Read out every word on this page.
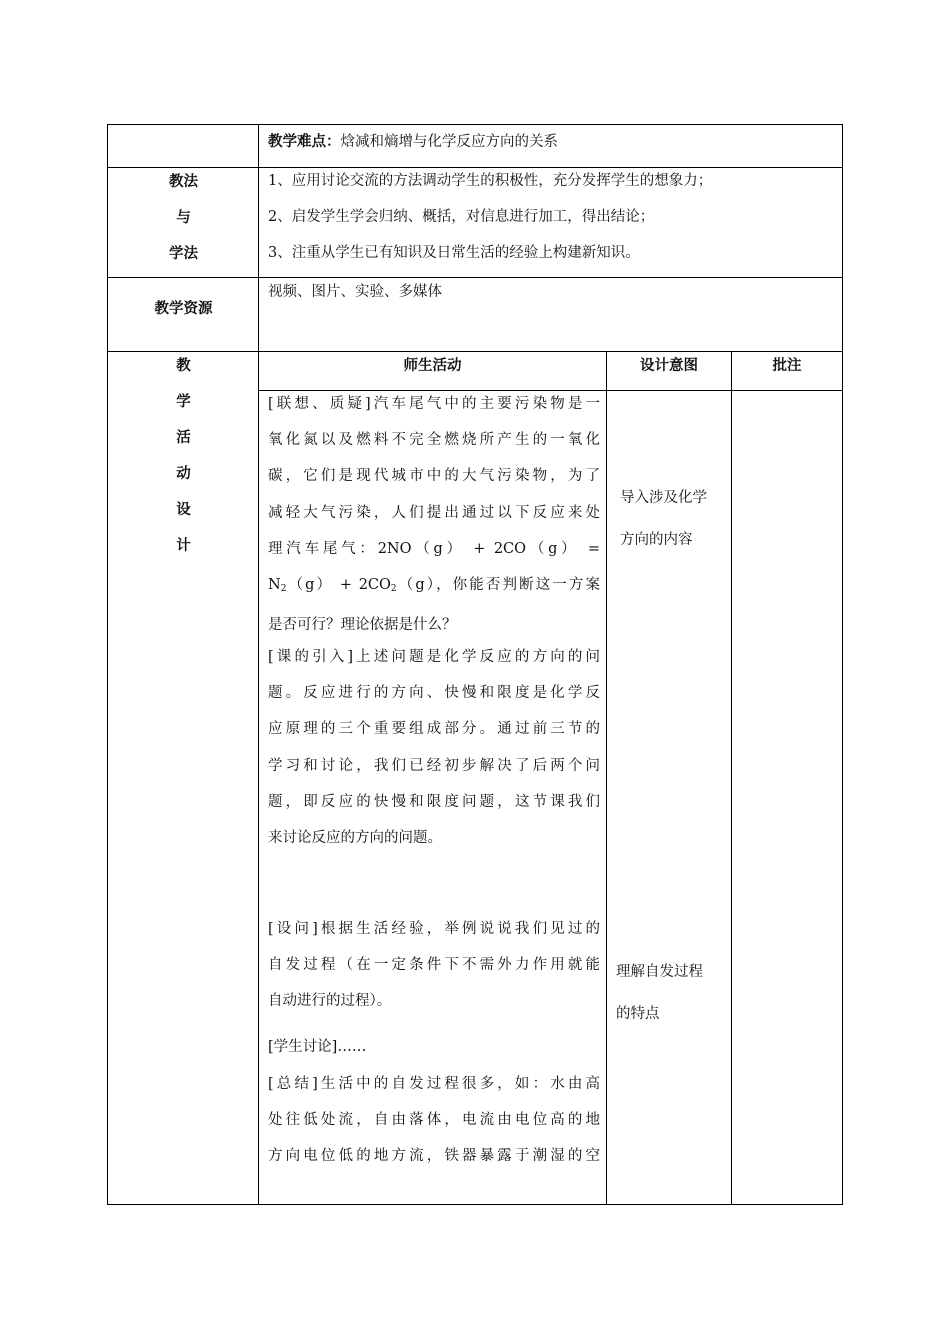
教学难点：焓减和熵增与化学反应方向的关系
教法
与
学法
1、应用讨论交流的方法调动学生的积极性，充分发挥学生的想象力；
2、启发学生学会归纳、概括，对信息进行加工，得出结论；
3、注重从学生已有知识及日常生活的经验上构建新知识。
教学资源
视频、图片、实验、多媒体
教
学
活
动
设
计
师生活动	设计意图	批注
[联想、质疑]汽车尾气中的主要污染物是一
氧化氮以及燃料不完全燃烧所产生的一氧化
碳，它们是现代城市中的大气污染物，为了
减轻大气污染，人们提出通过以下反应来处
理汽车尾气：2NO（g） + 2CO（g） =
$N_2(g) + 2CO_2(g)$，你能否判断这一方案
是否可行？理论依据是什么？
[课的引入]上述问题是化学反应的方向的问
题。反应进行的方向、快慢和限度是化学反
应原理的三个重要组成部分。通过前三节的
学习和讨论，我们已经初步解决了后两个问
题，即反应的快慢和限度问题，这节课我们
来讨论反应的方向的问题。
[设问]根据生活经验，举例说说我们见过的
自发过程（在一定条件下不需外力作用就能
自动进行的过程）。
[学生讨论]……
[总结]生活中的自发过程很多，如：水由高
处往低处流，自由落体，电流由电位高的地
方向电位低的地方流，铁器暴露于潮湿的空
导入涉及化学
方向的内容
理解自发过程
的特点
